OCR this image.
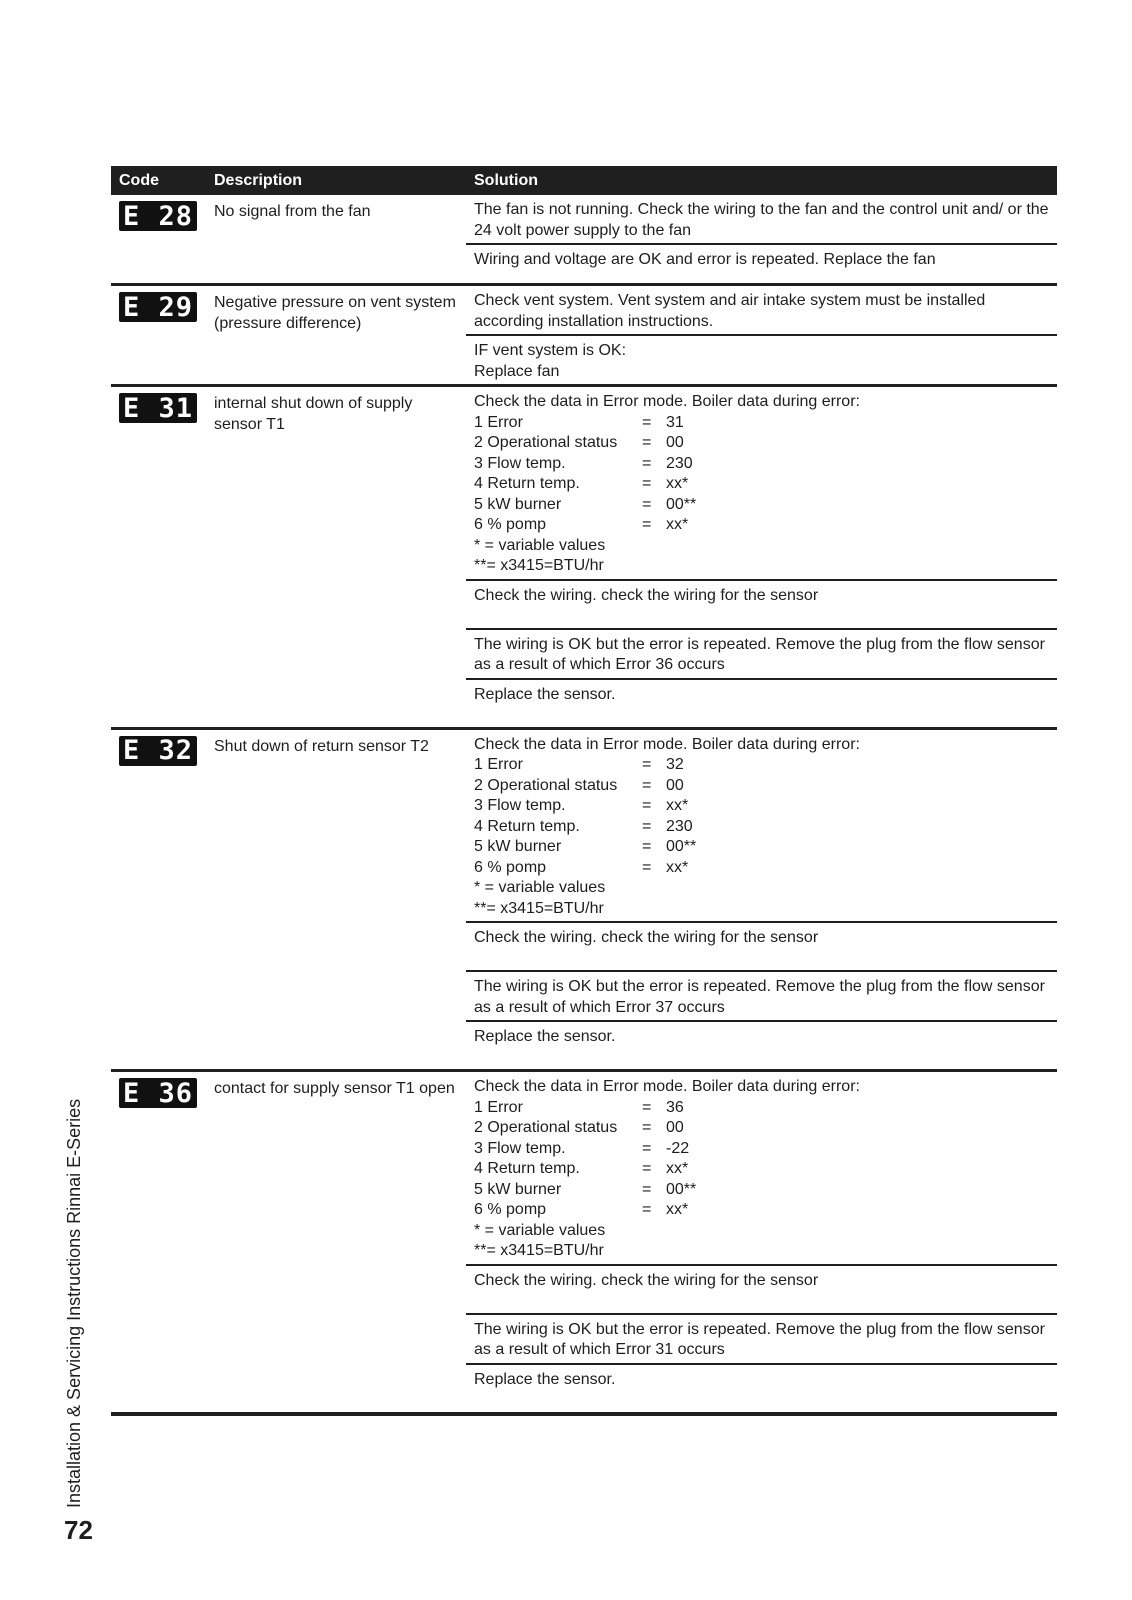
Code	Description	Solution
E 28	No signal from the fan	The fan is not running. Check the wiring to the fan and the control unit and/ or the 24 volt power supply to the fan
Wiring and voltage are OK and error is repeated. Replace the fan
E 29	Negative pressure on vent system (pressure difference)
Check vent system. Vent system and air intake system must be installed according installation instructions.
IF vent system is OK:
Replace fan
E 31	internal shut down of supply sensor T1

Check the data in Error mode. Boiler data during error:

1 Error	= 31
2 Operational status	= 00
3 Flow temp.	= 230
4 Return temp.	= xx*
5 kW burner	= 00**
6 % pomp	= xx*

* = variable values

**= x3415=BTU/hr

Check the wiring. check the wiring for the sensor
The wiring is OK but the error is repeated. Remove the plug from the flow sensor as a result of which Error 36 occurs
Replace the sensor.
E 32	Shut down of return sensor T2	Check the data in Error mode. Boiler data during error:

1 Error	= 32
2 Operational status	= 00
3 Flow temp.	= xx*
4 Return temp.	= 230
5 kW burner	= 00**
6 % pomp	= xx*

* = variable values

**= x3415=BTU/hr

Check the wiring. check the wiring for the sensor
The wiring is OK but the error is repeated. Remove the plug from the flow sensor as a result of which Error 37 occurs
Replace the sensor.
E 36	contact for supply sensor T1 open	Check the data in Error mode. Boiler data during error:

1 Error	= 36
2 Operational status	= 00
3 Flow temp.	= -22
4 Return temp.	= xx*
5 kW burner	= 00**
6 % pomp	= xx*

* = variable values

**= x3415=BTU/hr

Check the wiring. check the wiring for the sensor
The wiring is OK but the error is repeated. Remove the plug from the flow sensor as a result of which Error 31 occurs
Replace the sensor.
Installation & Servicing Instructions Rinnai E-Series
72
